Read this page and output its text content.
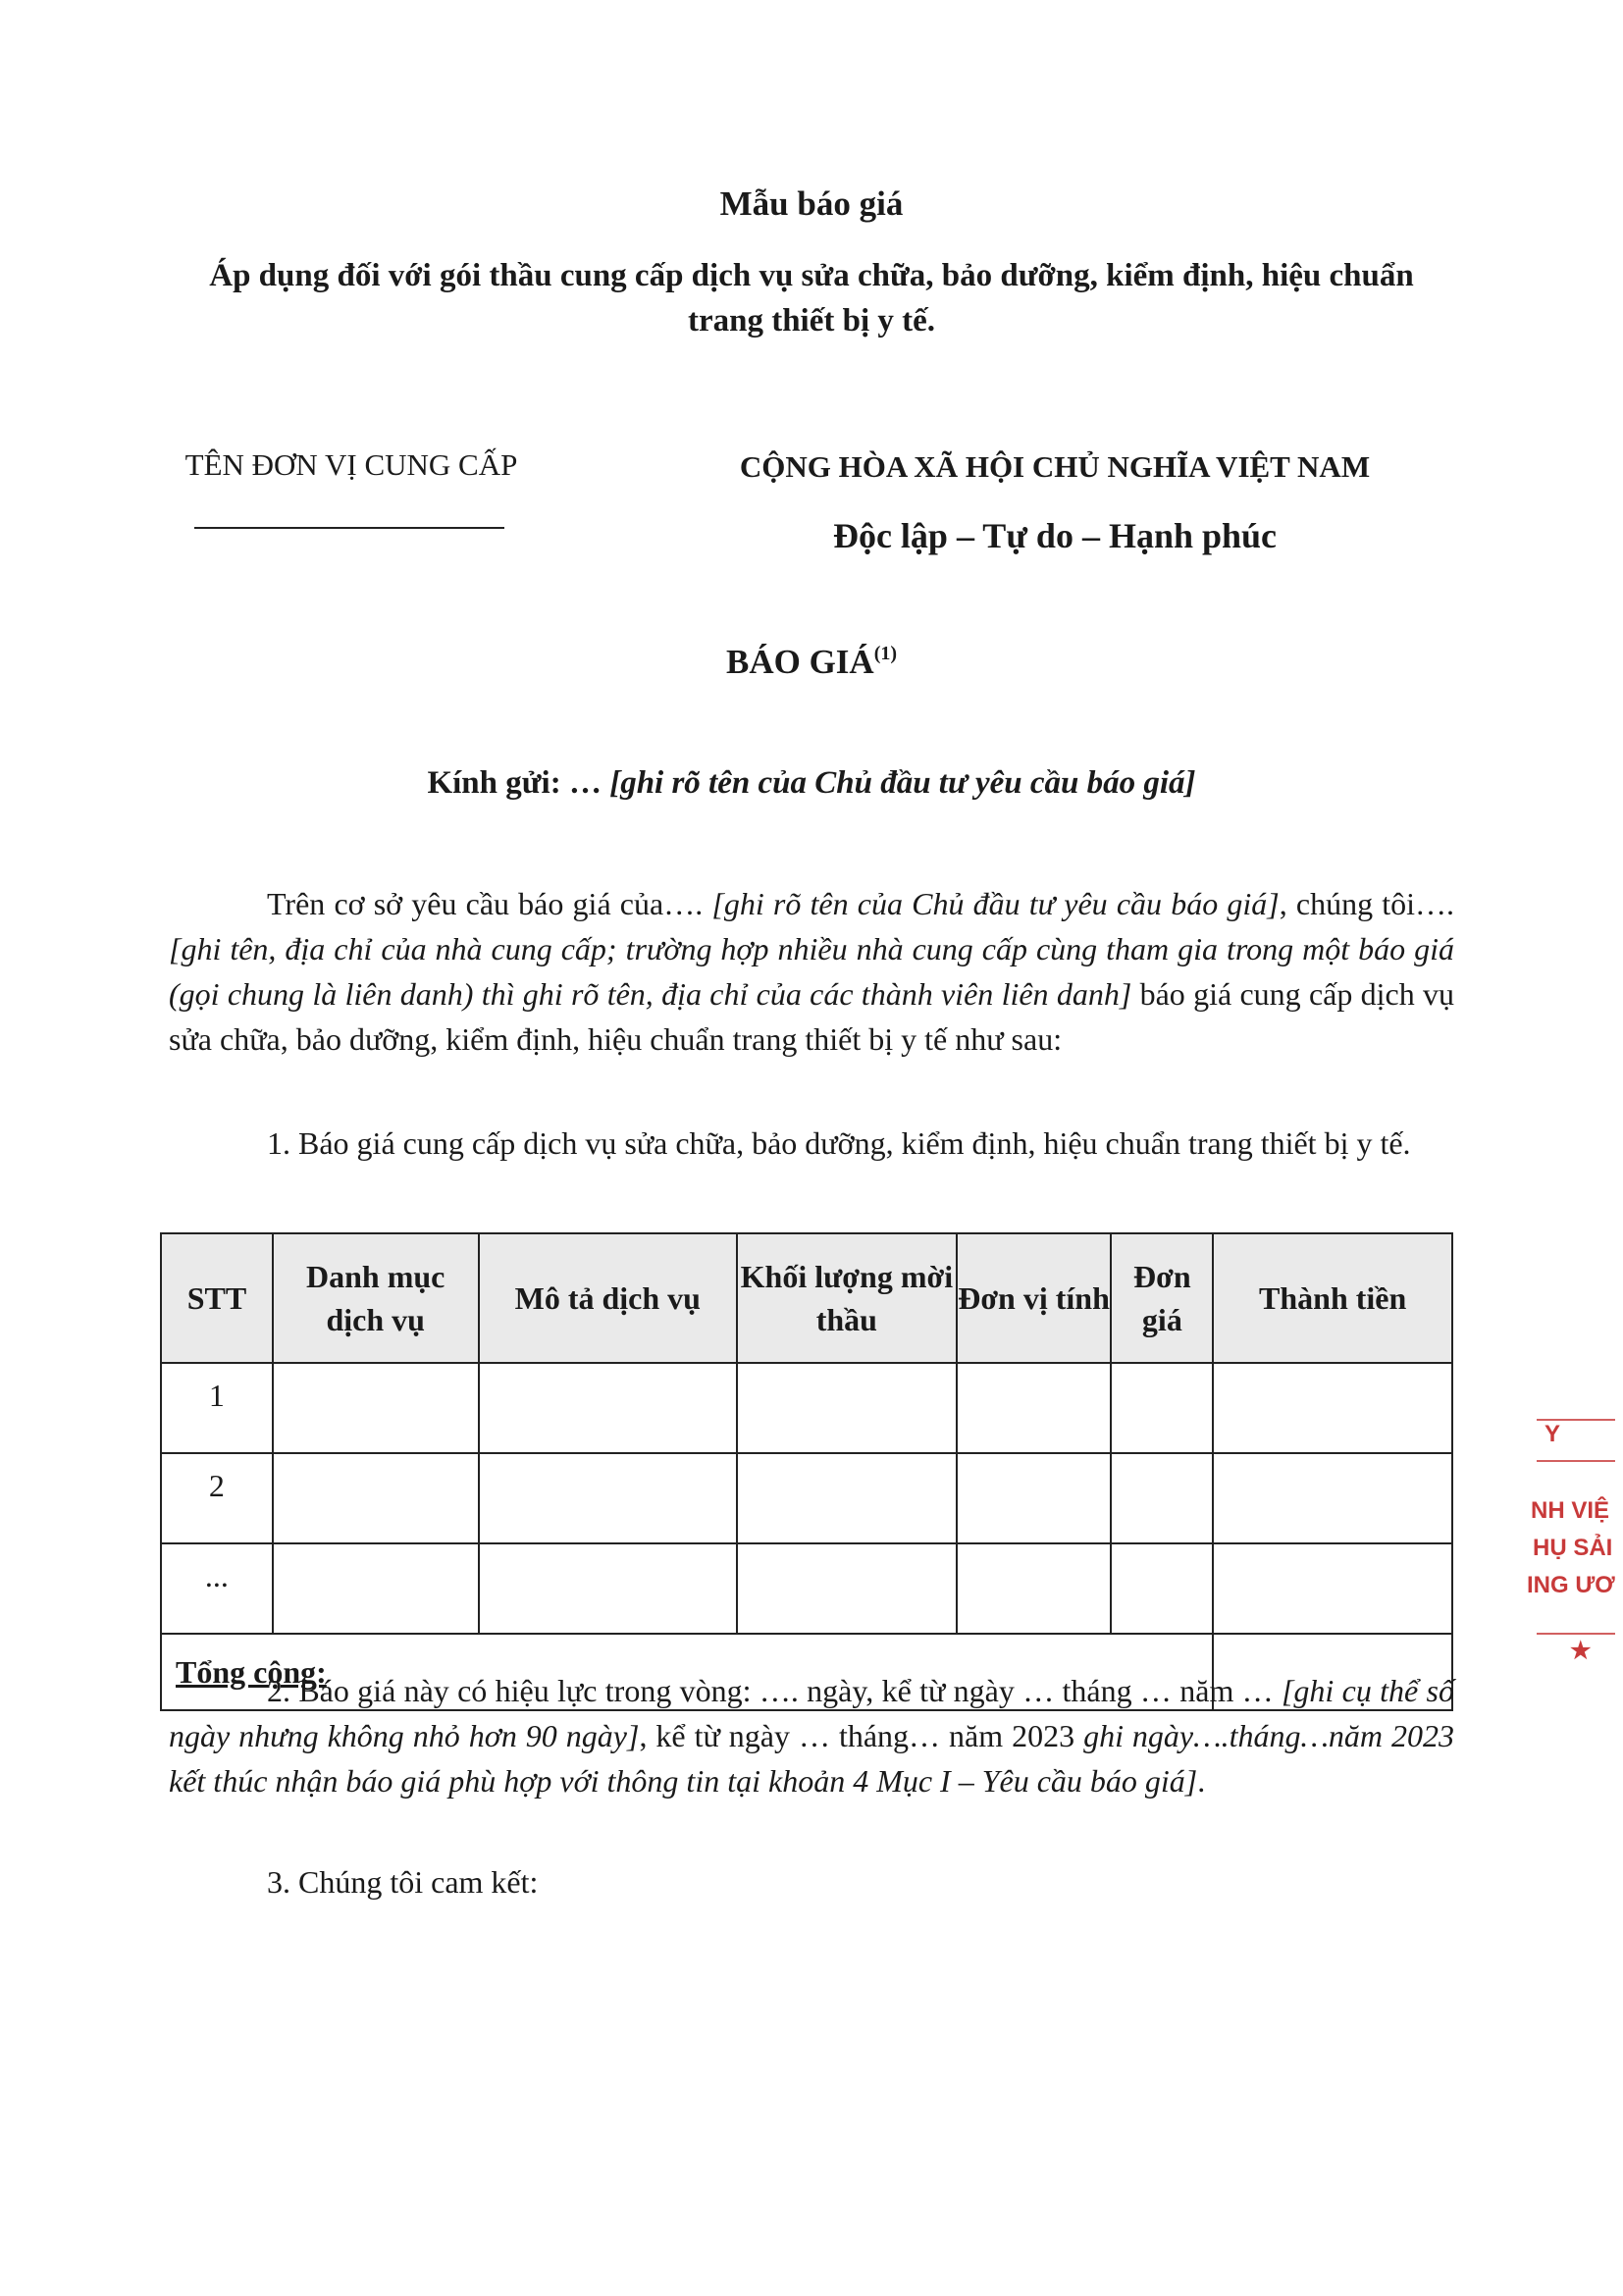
Mẫu báo giá
Áp dụng đối với gói thầu cung cấp dịch vụ sửa chữa, bảo dưỡng, kiểm định, hiệu chuẩn trang thiết bị y tế.
TÊN ĐƠN VỊ CUNG CẤP	CỘNG HÒA XÃ HỘI CHỦ NGHĨA VIỆT NAM
Độc lập – Tự do – Hạnh phúc
BÁO GIÁ$^{(1)}$
Kính gửi: … [ghi rõ tên của Chủ đầu tư yêu cầu báo giá]
Trên cơ sở yêu cầu báo giá của…. [ghi rõ tên của Chủ đầu tư yêu cầu báo giá], chúng tôi….[ghi tên, địa chỉ của nhà cung cấp; trường hợp nhiều nhà cung cấp cùng tham gia trong một báo giá (gọi chung là liên danh) thì ghi rõ tên, địa chỉ của các thành viên liên danh] báo giá cung cấp dịch vụ sửa chữa, bảo dưỡng, kiểm định, hiệu chuẩn trang thiết bị y tế như sau:
1. Báo giá cung cấp dịch vụ sửa chữa, bảo dưỡng, kiểm định, hiệu chuẩn trang thiết bị y tế.
STT	Danh mục dịch vụ	Mô tả dịch vụ	Khối lượng mời thầu	Đơn vị tính	Đơn giá	Thành tiền
1						
2						
...						
Tổng cộng:						
2. Báo giá này có hiệu lực trong vòng: …. ngày, kể từ ngày … tháng … năm … [ghi cụ thể số ngày nhưng không nhỏ hơn 90 ngày], kể từ ngày … tháng… năm 2023 ghi ngày….tháng…năm 2023 kết thúc nhận báo giá phù hợp với thông tin tại khoản 4 Mục I – Yêu cầu báo giá].
3. Chúng tôi cam kết:
Y
NH VIỆ
HỤ SẢI
ING ƯƠ
★
